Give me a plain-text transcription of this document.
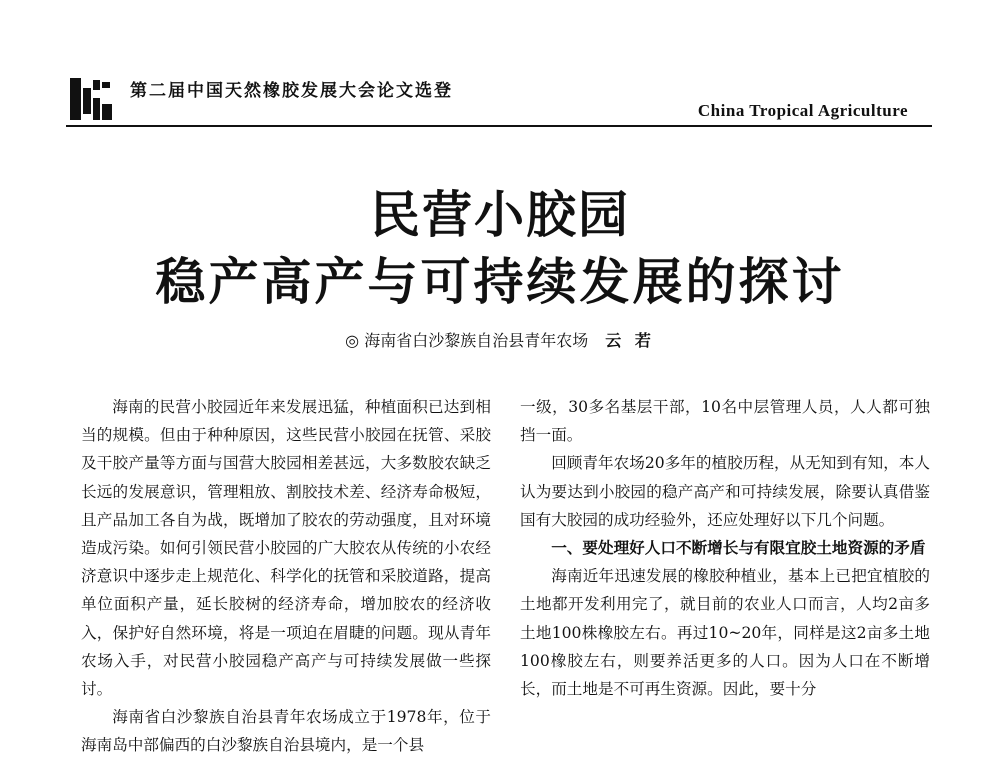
第二届中国天然橡胶发展大会论文选登
China Tropical Agriculture
民营小胶园
稳产高产与可持续发展的探讨
◎ 海南省白沙黎族自治县青年农场 云 若

海南的民营小胶园近年来发展迅猛，种植面积已达到相当的规模。但由于种种原因，这些民营小胶园在抚管、采胶及干胶产量等方面与国营大胶园相差甚远，大多数胶农缺乏长远的发展意识，管理粗放、割胶技术差、经济寿命极短，且产品加工各自为战，既增加了胶农的劳动强度，且对环境造成污染。如何引领民营小胶园的广大胶农从传统的小农经济意识中逐步走上规范化、科学化的抚管和采胶道路，提高单位面积产量，延长胶树的经济寿命，增加胶农的经济收入，保护好自然环境，将是一项迫在眉睫的问题。现从青年农场入手，对民营小胶园稳产高产与可持续发展做一些探讨。

海南省白沙黎族自治县青年农场成立于1978年，位于海南岛中部偏西的白沙黎族自治县境内，是一个县

一级，30多名基层干部，10名中层管理人员，人人都可独挡一面。

回顾青年农场20多年的植胶历程，从无知到有知，本人认为要达到小胶园的稳产高产和可持续发展，除要认真借鉴国有大胶园的成功经验外，还应处理好以下几个问题。

一、要处理好人口不断增长与有限宜胶土地资源的矛盾

海南近年迅速发展的橡胶种植业，基本上已把宜植胶的土地都开发利用完了，就目前的农业人口而言，人均2亩多土地100株橡胶左右。再过10~20年，同样是这2亩多土地100橡胶左右，则要养活更多的人口。因为人口在不断增长，而土地是不可再生资源。因此，要十分
